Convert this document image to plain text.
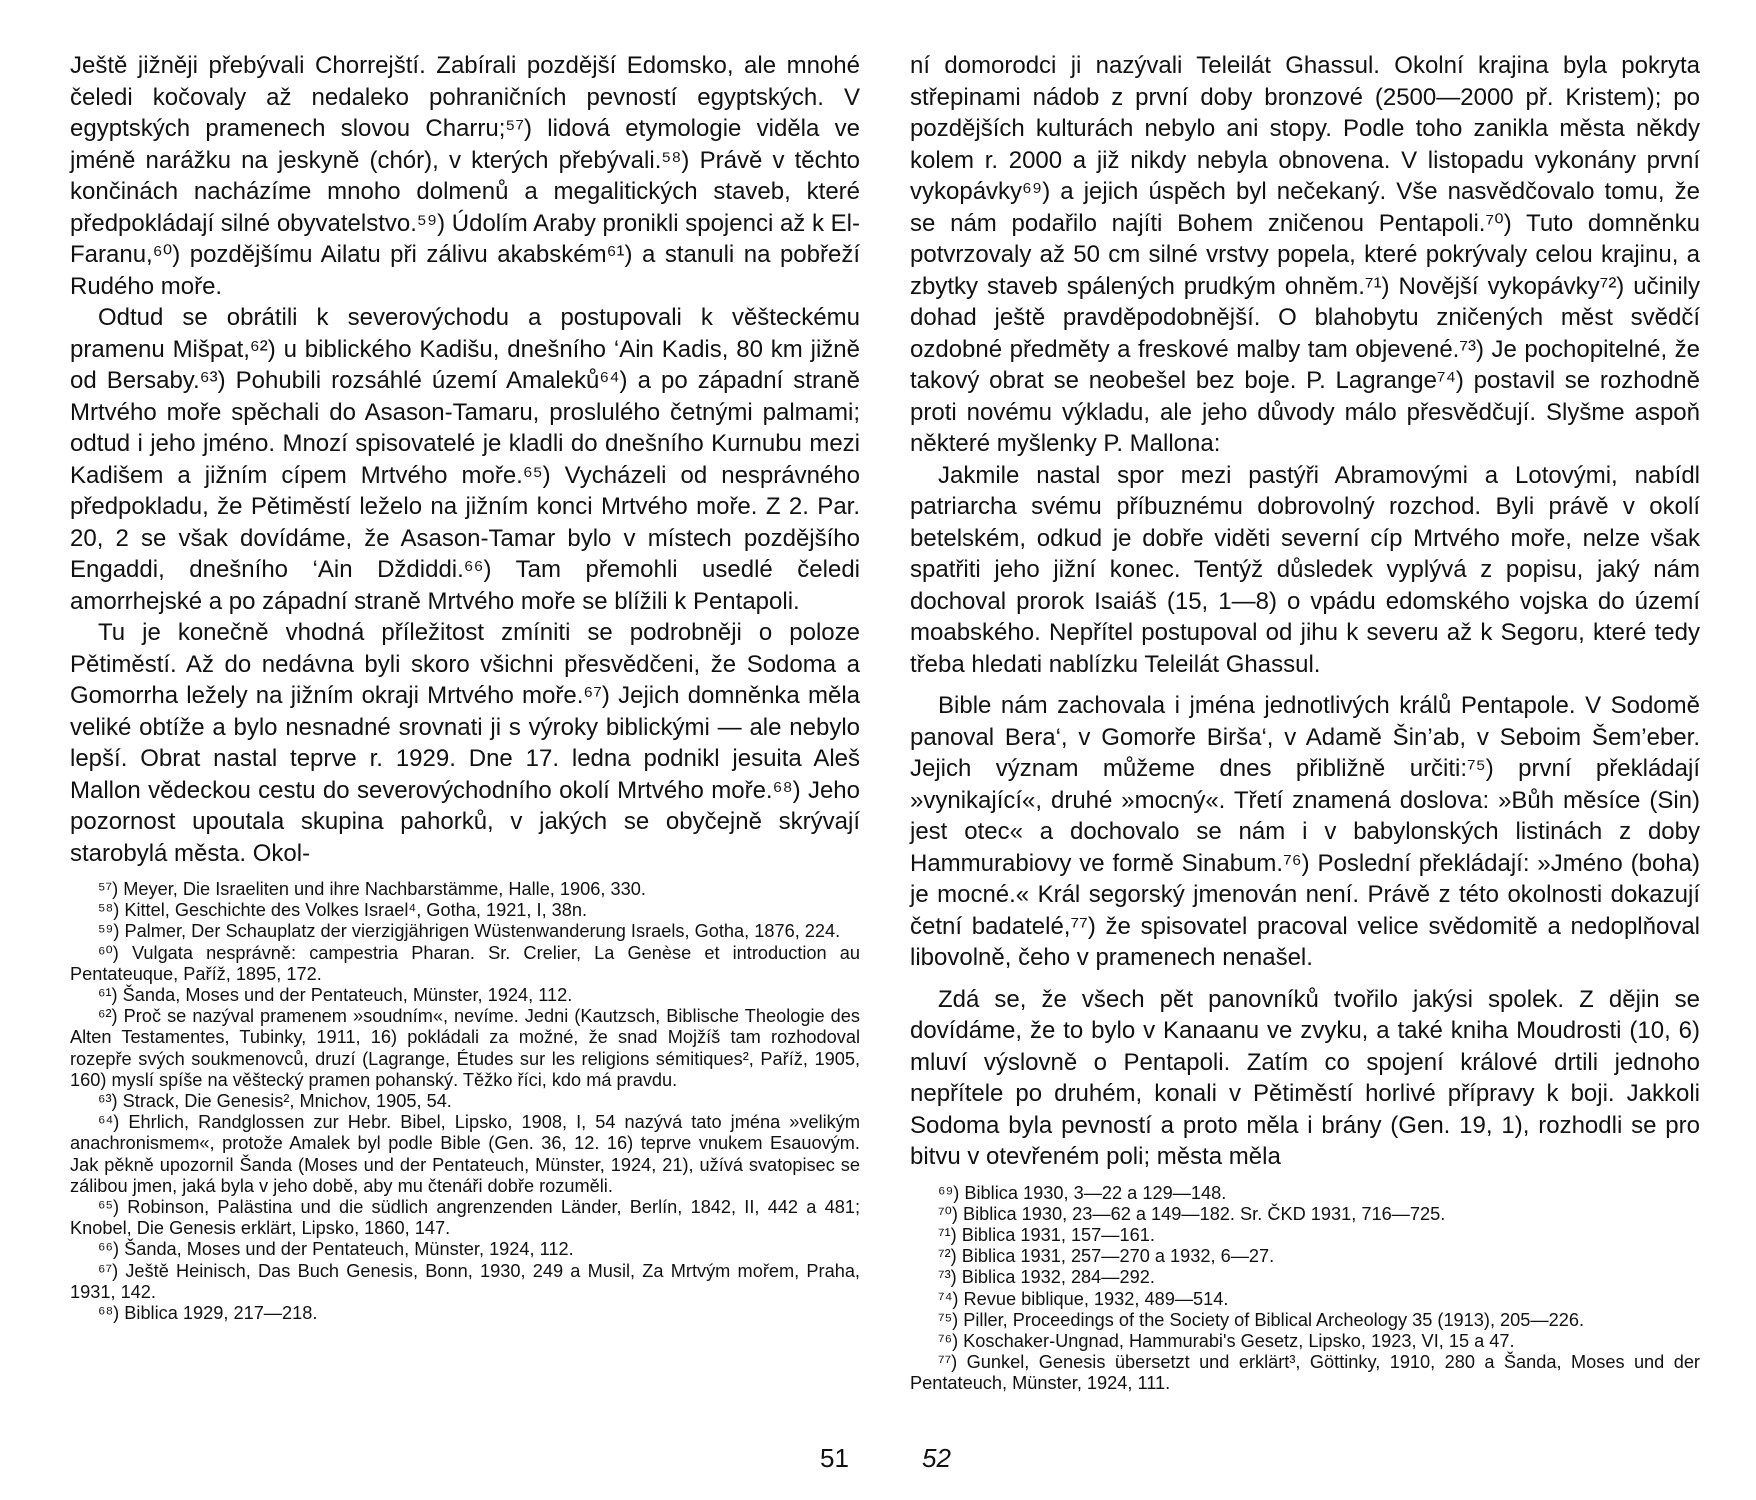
Ještě jižněji přebývali Chorrejští. Zabírali pozdější Edomsko, ale mnohé čeledi kočovaly až nedaleko pohraničních pevností egyptských. V egyptských pramenech slovou Charru;⁵⁷) lidová etymologie viděla ve jméně narážku na jeskyně (chór), v kterých přebývali.⁵⁸) Právě v těchto končinách nacházíme mnoho dolmenů a megalitických staveb, které předpokládají silné obyvatelstvo.⁵⁹) Údolím Araby pronikli spojenci až k El-Faranu,⁶⁰) pozdějšímu Ailatu při zálivu akabském⁶¹) a stanuli na pobřeží Rudého moře.

Odtud se obrátili k severovýchodu a postupovali k věšteckému pramenu Mišpat,⁶²) u biblického Kadišu, dnešního ‘Ain Kadis, 80 km jižně od Bersaby.⁶³) Pohubili rozsáhlé území Amaleků⁶⁴) a po západní straně Mrtvého moře spěchali do Asason-Tamaru, proslulého četnými palmami; odtud i jeho jméno. Mnozí spisovatelé je kladli do dnešního Kurnubu mezi Kadišem a jižním cípem Mrtvého moře.⁶⁵) Vycházeli od nesprávného předpokladu, že Pětiměstí leželo na jižním konci Mrtvého moře. Z 2. Par. 20, 2 se však dovídáme, že Asason-Tamar bylo v místech pozdějšího Engaddi, dnešního ‘Ain Dždiddi.⁶⁶) Tam přemohli usedlé čeledi amorrhejské a po západní straně Mrtvého moře se blížili k Pentapoli.

Tu je konečně vhodná příležitost zmíniti se podrobněji o poloze Pětiměstí. Až do nedávna byli skoro všichni přesvědčeni, že Sodoma a Gomorrha ležely na jižním okraji Mrtvého moře.⁶⁷) Jejich domněnka měla veliké obtíže a bylo nesnadné srovnati ji s výroky biblickými — ale nebylo lepší. Obrat nastal teprve r. 1929. Dne 17. ledna podnikl jesuita Aleš Mallon vědeckou cestu do severovýchodního okolí Mrtvého moře.⁶⁸) Jeho pozornost upoutala skupina pahorků, v jakých se obyčejně skrývají starobylá města. Okol-

⁵⁷) Meyer, Die Israeliten und ihre Nachbarstämme, Halle, 1906, 330.

⁵⁸) Kittel, Geschichte des Volkes Israel⁴, Gotha, 1921, I, 38n.

⁵⁹) Palmer, Der Schauplatz der vierzigjährigen Wüstenwanderung Israels, Gotha, 1876, 224.

⁶⁰) Vulgata nesprávně: campestria Pharan. Sr. Crelier, La Genèse et introduction au Pentateuque, Paříž, 1895, 172.

⁶¹) Šanda, Moses und der Pentateuch, Münster, 1924, 112.

⁶²) Proč se nazýval pramenem »soudním«, nevíme. Jedni (Kautzsch, Biblische Theologie des Alten Testamentes, Tubinky, 1911, 16) pokládali za možné, že snad Mojžíš tam rozhodoval rozepře svých soukmenovců, druzí (Lagrange, Études sur les religions sémitiques², Paříž, 1905, 160) myslí spíše na věštecký pramen pohanský. Těžko říci, kdo má pravdu.

⁶³) Strack, Die Genesis², Mnichov, 1905, 54.

⁶⁴) Ehrlich, Randglossen zur Hebr. Bibel, Lipsko, 1908, I, 54 nazývá tato jména »velikým anachronismem«, protože Amalek byl podle Bible (Gen. 36, 12. 16) teprve vnukem Esauovým. Jak pěkně upozornil Šanda (Moses und der Pentateuch, Münster, 1924, 21), užívá svatopisec se zálibou jmen, jaká byla v jeho době, aby mu čtenáři dobře rozuměli.

⁶⁵) Robinson, Palästina und die südlich angrenzenden Länder, Berlín, 1842, II, 442 a 481; Knobel, Die Genesis erklärt, Lipsko, 1860, 147.

⁶⁶) Šanda, Moses und der Pentateuch, Münster, 1924, 112.

⁶⁷) Ještě Heinisch, Das Buch Genesis, Bonn, 1930, 249 a Musil, Za Mrtvým mořem, Praha, 1931, 142.

⁶⁸) Biblica 1929, 217—218.

51

ní domorodci ji nazývali Teleilát Ghassul. Okolní krajina byla pokryta střepinami nádob z první doby bronzové (2500—2000 př. Kristem); po pozdějších kulturách nebylo ani stopy. Podle toho zanikla města někdy kolem r. 2000 a již nikdy nebyla obnovena. V listopadu vykonány první vykopávky⁶⁹) a jejich úspěch byl nečekaný. Vše nasvědčovalo tomu, že se nám podařilo najíti Bohem zničenou Pentapoli.⁷⁰) Tuto domněnku potvrzovaly až 50 cm silné vrstvy popela, které pokrývaly celou krajinu, a zbytky staveb spálených prudkým ohněm.⁷¹) Novější vykopávky⁷²) učinily dohad ještě pravděpodobnější. O blahobytu zničených měst svědčí ozdobné předměty a freskové malby tam objevené.⁷³) Je pochopitelné, že takový obrat se neobešel bez boje. P. Lagrange⁷⁴) postavil se rozhodně proti novému výkladu, ale jeho důvody málo přesvědčují. Slyšme aspoň některé myšlenky P. Mallona:

Jakmile nastal spor mezi pastýři Abramovými a Lotovými, nabídl patriarcha svému příbuznému dobrovolný rozchod. Byli právě v okolí betelském, odkud je dobře viděti severní cíp Mrtvého moře, nelze však spatřiti jeho jižní konec. Tentýž důsledek vyplývá z popisu, jaký nám dochoval prorok Isaiáš (15, 1—8) o vpádu edomského vojska do území moabského. Nepřítel postupoval od jihu k severu až k Segoru, které tedy třeba hledati nablízku Teleilát Ghassul.

Bible nám zachovala i jména jednotlivých králů Pentapole. V Sodomě panoval Bera‘, v Gomorře Birša‘, v Adamě Šin’ab, v Seboim Šem’eber. Jejich význam můžeme dnes přibližně určiti:⁷⁵) první překládají »vynikající«, druhé »mocný«. Třetí znamená doslova: »Bůh měsíce (Sin) jest otec« a dochovalo se nám i v babylonských listinách z doby Hammurabiovy ve formě Sinabum.⁷⁶) Poslední překládají: »Jméno (boha) je mocné.« Král segorský jmenován není. Právě z této okolnosti dokazují četní badatelé,⁷⁷) že spisovatel pracoval velice svědomitě a nedoplňoval libovolně, čeho v pramenech nenašel.

Zdá se, že všech pět panovníků tvořilo jakýsi spolek. Z dějin se dovídáme, že to bylo v Kanaanu ve zvyku, a také kniha Moudrosti (10, 6) mluví výslovně o Pentapoli. Zatím co spojení králové drtili jednoho nepřítele po druhém, konali v Pětiměstí horlivé přípravy k boji. Jakkoli Sodoma byla pevností a proto měla i brány (Gen. 19, 1), rozhodli se pro bitvu v otevřeném poli; města měla

⁶⁹) Biblica 1930, 3—22 a 129—148.

⁷⁰) Biblica 1930, 23—62 a 149—182. Sr. ČKD 1931, 716—725.

⁷¹) Biblica 1931, 157—161.

⁷²) Biblica 1931, 257—270 a 1932, 6—27.

⁷³) Biblica 1932, 284—292.

⁷⁴) Revue biblique, 1932, 489—514.

⁷⁵) Piller, Proceedings of the Society of Biblical Archeology 35 (1913), 205—226.

⁷⁶) Koschaker-Ungnad, Hammurabi's Gesetz, Lipsko, 1923, VI, 15 a 47.

⁷⁷) Gunkel, Genesis übersetzt und erklärt³, Göttinky, 1910, 280 a Šanda, Moses und der Pentateuch, Münster, 1924, 111.

52
